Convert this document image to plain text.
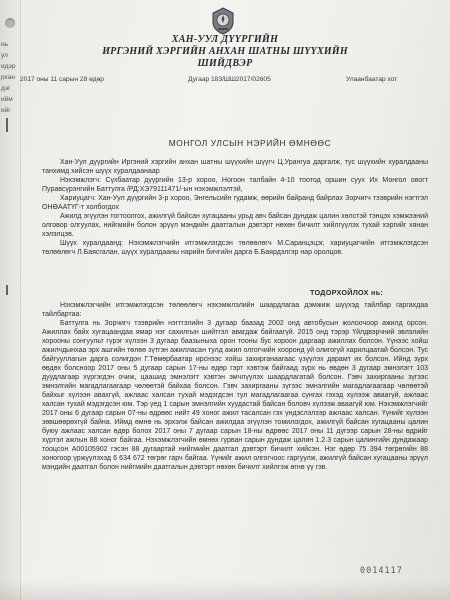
нь
ул
идэр
рхан
дэг
ийм
ийг
ХАН-УУЛ ДҮҮРГИЙН
ИРГЭНИЙ ХЭРГИЙН АНХАН ШАТНЫ ШҮҮХИЙН
ШИЙДВЭР
2017 оны 11 сарын 28 өдөр	Дугаар 183/ШШ2017/02605	Улаанбаатар хот
МОНГОЛ УЛСЫН НЭРИЙН ӨМНӨӨС

Хан-Уул дүүргийн Иргэний хэргийн анхан шатны шүүхийн шүүгч Ц.Урангуа даргалж, тус шүүхийн хуралдааны танхимд хийсэн шүүх хуралдаанаар

Нэхэмжлэгч: Сүхбаатар дүүргийн 13-р хороо, Ногоон талбайн 4-10 тоотод оршин суух Их Монгол овогт Пуравсүрэнгийн Баттулга /РД:ХЭ79111471/-ын нэхэмжлэлтэй,

Хариуцагч: Хан-Уул дүүргийн 3-р хороо, Энгельсийн гудамж, өөрийн байранд байрлах Зорчигч тээврийн нэгтгэл ОНӨААТҮГ-т холбогдох

Ажилд эгүүлэн тогтоолгох, ажилгүй байсан хугацааны урьд авч байсан дундаж цалин хөлстэй тэнцэх хэмжээний олговор олгуулах, нийгмийн болон эрүүл мэндийн даатгалын дэвтэрт нөхөн бичилт хийлгүүлэх тухай хэргийг хянан хэлэлцэв.

Шүүх хуралдаанд: Нэхэмжлэгчийн итгэмжлэгдсэн төлөөлөгч М.Саранцэцэг, хариуцагчийн итгэмжлэгдсэн төлөөлөгч Л.Баясгалан, шүүх хуралдааны нарийн бичгийн дарга Б.Баярдэлгэр нар оролцов.

ТОДОРХОЙЛОХ нь:

Нэхэмжлэгчийн итгэмжлэгдсэн төлөөлөгч нэхэмжлэлийн шаардлагаа дэмжиж шүүхэд тайлбар гаргахдаа тайлбартаа:

Баттулга нь Зорчигч тээврийн нэгтгэлийн 3 дугаар баазад 2002 онд автобусын жолоочоор ажилд орсон. Ажиллах байх хугацаандаа ямар нэг сахилгын шийтгэл авагдаж байгаагүй. 2015 онд тэрэр Үйлдвэрчний эвлэлийн хорооны сонгуульт гүрэг хүлээн 3 дугаар баазыныха орон тооны бус хороон даргаар ажиллах болсон. Үүнээс хойш ажилчдынхаа эрх ашгийн төлөө зүтгэн ажилласан тулд ажил олгогчийн хооронд уй олигогуй харилцаатай болсон. Тус байгууллагын дарга солигдон Г.Төмөрбаатар ирснээс хойш захирганаагаас үзүүлэх дарамт их болсон. Ийнд зүрх өвдөх болсноор 2017 оны 5 дугаар сарын 17-ны өдөр гэрт хэвтэж байгаад зүрх нь өвдөн 3 дугаар эмнэлэгт 103 дуудлагаар хүргэгдэн очиж, цаашид эмнэлэгт хэвтэн эмчлүүлэх шаардлагатай болсон. Гэвч захиргааны зүгээс эмнэлгийн магадлагаагаар чөлөөтэй байхаа болсон. Гэвч захиргааны зүгээс эмнэлгийн магадлагаагаар чөлөөтэй байхыг хүлээн авахгүй, ажлаас халсан тухай мэдэгдсэн тул магадлагаагаа сунгах гэхэд хүлээж аваагүй, ажлаас халсан тухай мэдэгдсэн юм. Тэр үед 1 сарын эмнэлгийн хуудастай байсан боловч хүлээж аваагүй юм. Нэхэмжлэгчийг 2017 оны 6 дугаар сарын 07-ны өдрөөс нийт 49 хоног ажил тасалсан гэх үндэслэлээр ажлаас халсан. Үүнийг хүлээн зөвшөөрөхгүй байна. Иймд өмнө нь эрхэлж байсан ажилдаа эгүүлэн томилогдох, ажилгүй байсан хугацааны цалин буюу ажлаас халсан өдөр болох 2017 оны 7 дугаар сарын 18-ны өдрөөс 2017 оны 11 дүгээр сарын 28-ны өдрийг хүртэл ажлын 88 хоног байгаа. Нэхэмжлэгчийн өмнөх гурван сарын дундаж цалин 1.2.3 сарын цалингийн дундажаар тооцсон А00105902 гэсэн 88 дугаартай нийгмийн даатгал дэвтэрт бичилт хийсэн. Нэг өдөр 75 394 төгрөгийн 88 хоногоор үржүүлэхэд 6 634 672 төгрөг гарч байгаа. Үүнийг ажил олгогчоос гаргуулж, ажилгүй байсан хугацааны эрүүл мэндийн даатгал болон нийгмийн даатгалын дэвтэрт нөхөн бичилт хийлгэж өгнө үү гэв.

0014117
